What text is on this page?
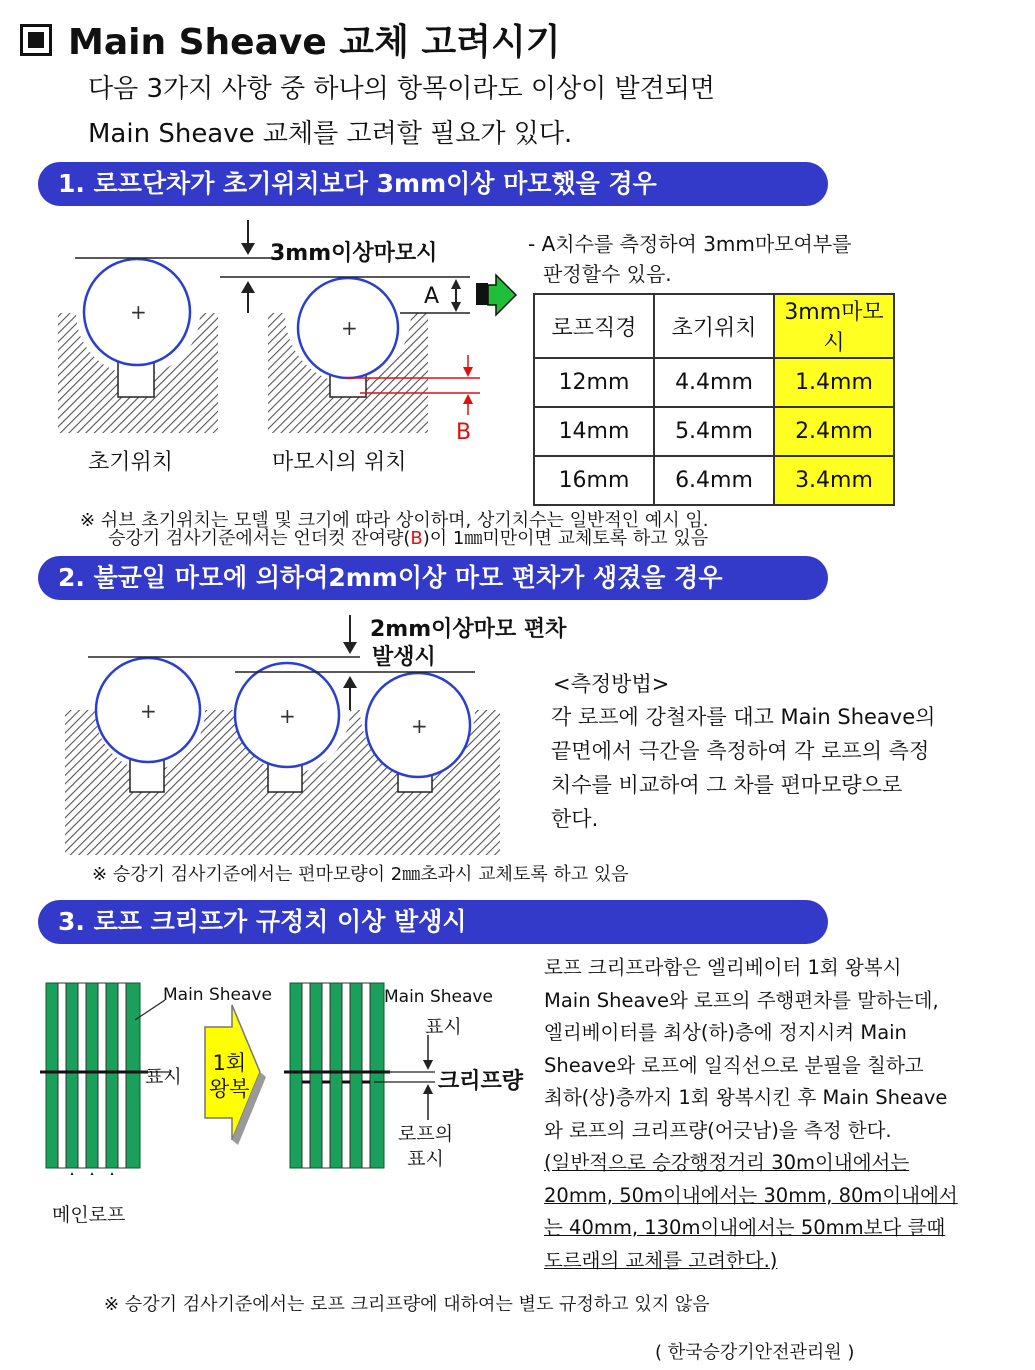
Main Sheave 교체 고려시기
다음 3가지 사항 중 하나의 항목이라도 이상이 발견되면
Main Sheave 교체를 고려할 필요가 있다.
1. 로프단차가 초기위치보다 3mm이상 마모했을 경우
+
+
3mm이상마모시
A
B
초기위치	마모시의 위치
- A치수를 측정하여 3mm마모여부를
판정할수 있음.
로프직경	초기위치	3mm마모시
12mm	4.4mm	1.4mm
14mm	5.4mm	2.4mm
16mm	6.4mm	3.4mm
※ 쉬브 초기위치는 모델 및 크기에 따라 상이하며, 상기치수는 일반적인 예시 임.
승강기 검사기준에서는 언더컷 잔여량(B)이 1㎜미만이면 교체토록 하고 있음
2. 불균일 마모에 의하여2mm이상 마모 편차가 생겼을 경우
+	+	+
2mm이상마모 편차
발생시
<측정방법>
각 로프에 강철자를 대고 Main Sheave의
끝면에서 극간을 측정하여 각 로프의 측정
치수를 비교하여 그 차를 편마모량으로
한다.
※ 승강기 검사기준에서는 편마모량이 2㎜초과시 교체토록 하고 있음
3. 로프 크리프가 규정치 이상 발생시
Main Sheave
표시
1회
왕복
Main Sheave
표시
크리프량
로프의
표시
메인로프
로프 크리프라함은 엘리베이터 1회 왕복시
Main Sheave와 로프의 주행편차를 말하는데,
엘리베이터를 최상(하)층에 정지시켜 Main
Sheave와 로프에 일직선으로 분필을 칠하고
최하(상)층까지 1회 왕복시킨 후 Main Sheave
와 로프의 크리프량(어긋남)을 측정 한다.
(일반적으로 승강행정거리 30m이내에서는
20mm, 50m이내에서는 30mm, 80m이내에서
는 40mm, 130m이내에서는 50mm보다 클때
도르래의 교체를 고려한다.)
※ 승강기 검사기준에서는 로프 크리프량에 대하여는 별도 규정하고 있지 않음
( 한국승강기안전관리원 )
